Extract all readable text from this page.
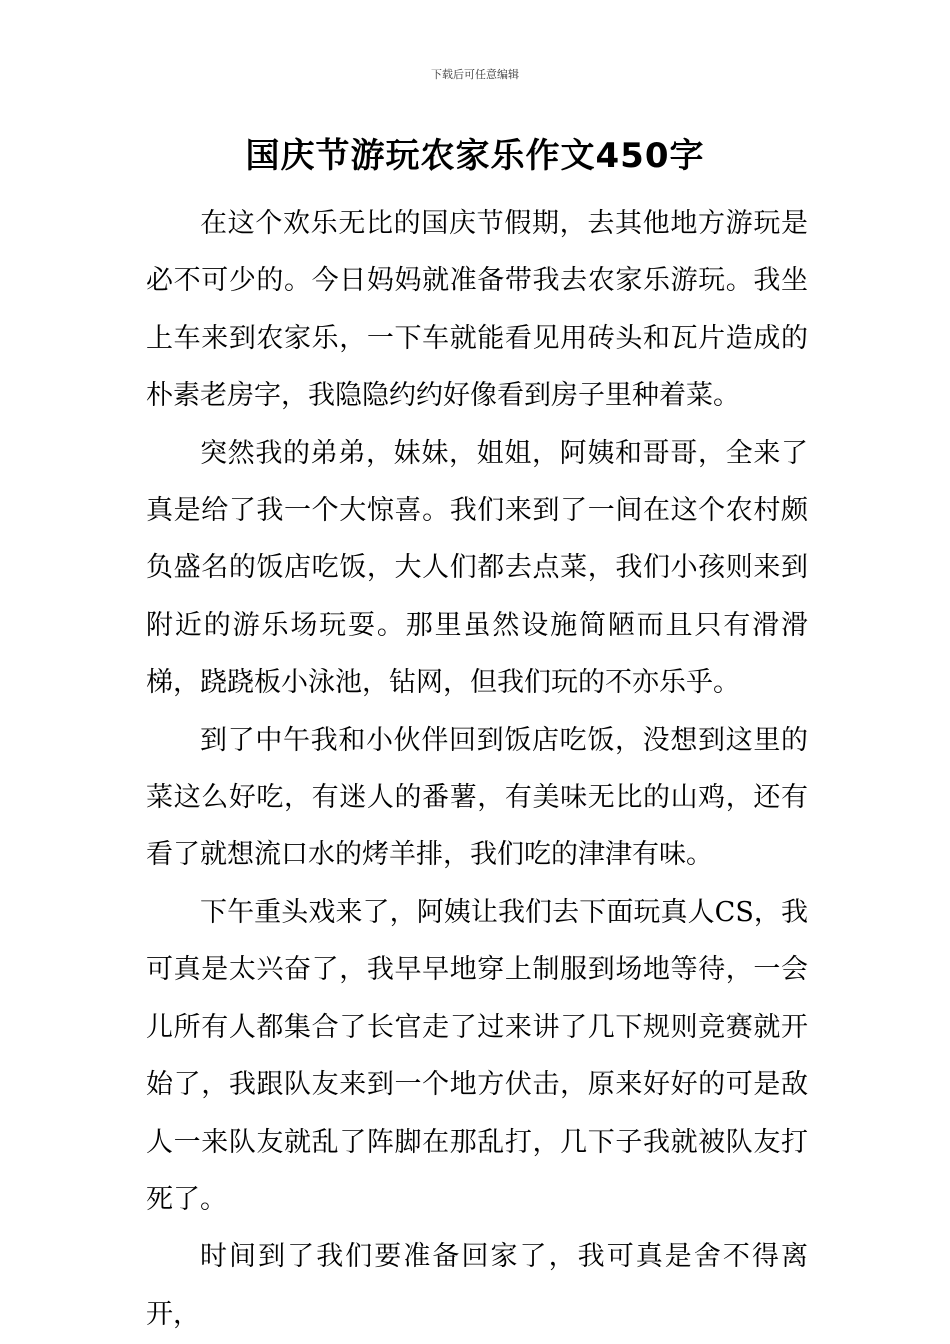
下载后可任意编辑
国庆节游玩农家乐作文450字

在这个欢乐无比的国庆节假期，去其他地方游玩是必不可少的。今日妈妈就准备带我去农家乐游玩。我坐上车来到农家乐，一下车就能看见用砖头和瓦片造成的朴素老房字，我隐隐约约好像看到房子里种着菜。

突然我的弟弟，妹妹，姐姐，阿姨和哥哥，全来了真是给了我一个大惊喜。我们来到了一间在这个农村颇负盛名的饭店吃饭，大人们都去点菜，我们小孩则来到附近的游乐场玩耍。那里虽然设施简陋而且只有滑滑梯，跷跷板小泳池，钻网，但我们玩的不亦乐乎。

到了中午我和小伙伴回到饭店吃饭，没想到这里的菜这么好吃，有迷人的番薯，有美味无比的山鸡，还有看了就想流口水的烤羊排，我们吃的津津有味。

下午重头戏来了，阿姨让我们去下面玩真人CS，我可真是太兴奋了，我早早地穿上制服到场地等待，一会儿所有人都集合了长官走了过来讲了几下规则竞赛就开始了，我跟队友来到一个地方伏击，原来好好的可是敌人一来队友就乱了阵脚在那乱打，几下子我就被队友打死了。

时间到了我们要准备回家了，我可真是舍不得离开，
